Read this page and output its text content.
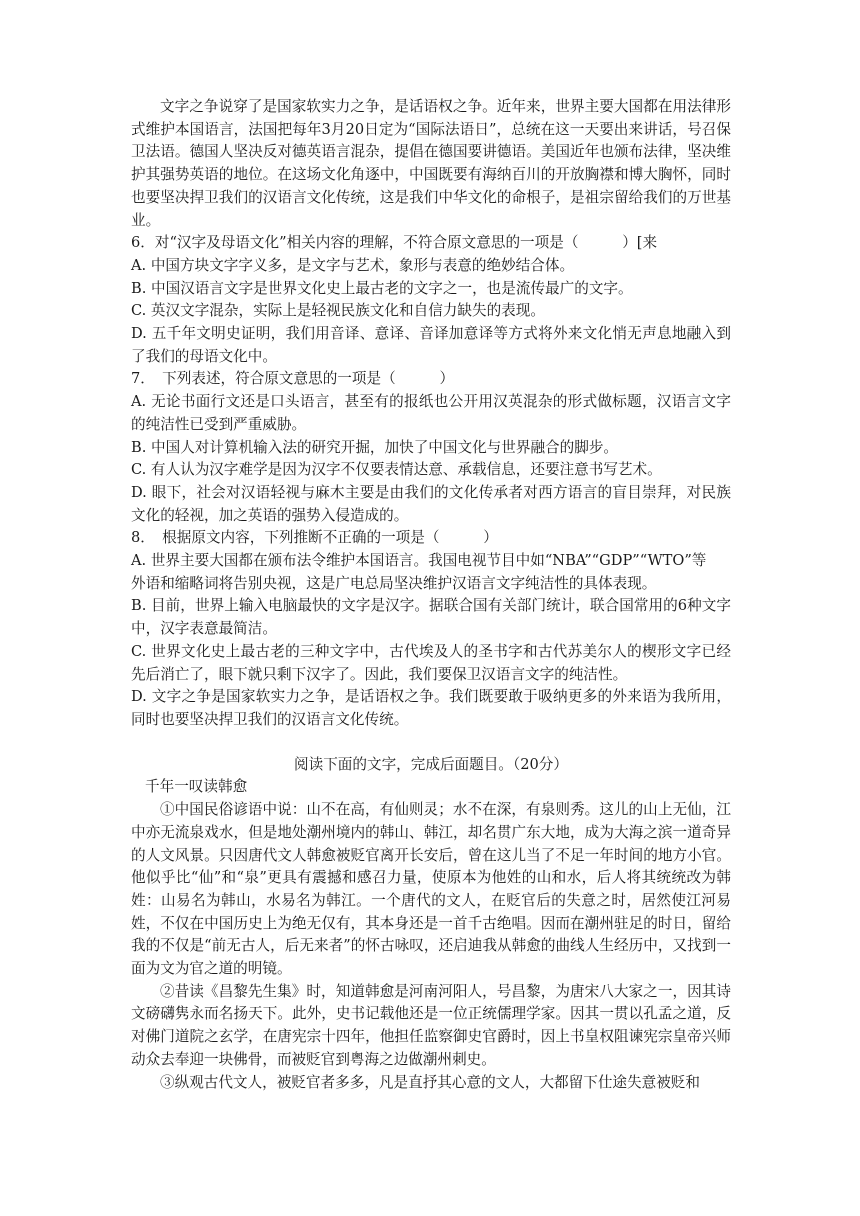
文字之争说穿了是国家软实力之争，是话语权之争。近年来，世界主要大国都在用法律形式维护本国语言，法国把每年3月20日定为“国际法语日”，总统在这一天要出来讲话，号召保卫法语。德国人坚决反对德英语言混杂，提倡在德国要讲德语。美国近年也颁布法律，坚决维护其强势英语的地位。在这场文化角逐中，中国既要有海纳百川的开放胸襟和博大胸怀，同时也要坚决捍卫我们的汉语言文化传统，这是我们中华文化的命根子，是祖宗留给我们的万世基业。

6．对“汉字及母语文化”相关内容的理解，不符合原文意思的一项是（　　　）[来

A. 中国方块文字字义多，是文字与艺术，象形与表意的绝妙结合体。

B. 中国汉语言文字是世界文化史上最古老的文字之一，也是流传最广的文字。

C. 英汉文字混杂，实际上是轻视民族文化和自信力缺失的表现。

D. 五千年文明史证明，我们用音译、意译、音译加意译等方式将外来文化悄无声息地融入到了我们的母语文化中。

7．　下列表述，符合原文意思的一项是（　　　）

A. 无论书面行文还是口头语言，甚至有的报纸也公开用汉英混杂的形式做标题，汉语言文字的纯洁性已受到严重威胁。

B. 中国人对计算机输入法的研究开掘，加快了中国文化与世界融合的脚步。

C. 有人认为汉字难学是因为汉字不仅要表情达意、承载信息，还要注意书写艺术。

D. 眼下，社会对汉语轻视与麻木主要是由我们的文化传承者对西方语言的盲目崇拜，对民族文化的轻视，加之英语的强势入侵造成的。

8．　根据原文内容，下列推断不正确的一项是（　　　）

A. 世界主要大国都在颁布法令维护本国语言。我国电视节目中如“NBA”“GDP”“WTO”等

外语和缩略词将告别央视，这是广电总局坚决维护汉语言文字纯洁性的具体表现。

B. 目前，世界上输入电脑最快的文字是汉字。据联合国有关部门统计，联合国常用的6种文字中，汉字表意最简洁。

C. 世界文化史上最古老的三种文字中，古代埃及人的圣书字和古代苏美尔人的楔形文字已经先后消亡了，眼下就只剩下汉字了。因此，我们要保卫汉语言文字的纯洁性。

D. 文字之争是国家软实力之争，是话语权之争。我们既要敢于吸纳更多的外来语为我所用，同时也要坚决捍卫我们的汉语言文化传统。

阅读下面的文字，完成后面题目。（20分）

千年一叹读韩愈

①中国民俗谚语中说：山不在高，有仙则灵；水不在深，有泉则秀。这儿的山上无仙，江中亦无流泉戏水，但是地处潮州境内的韩山、韩江，却名贯广东大地，成为大海之滨一道奇异的人文风景。只因唐代文人韩愈被贬官离开长安后，曾在这儿当了不足一年时间的地方小官。他似乎比“仙”和“泉”更具有震撼和感召力量，使原本为他姓的山和水，后人将其统统改为韩姓：山易名为韩山，水易名为韩江。一个唐代的文人，在贬官后的失意之时，居然使江河易姓，不仅在中国历史上为绝无仅有，其本身还是一首千古绝唱。因而在潮州驻足的时日，留给我的不仅是“前无古人，后无来者”的怀古咏叹，还启迪我从韩愈的曲线人生经历中，又找到一面为文为官之道的明镜。

②昔读《昌黎先生集》时，知道韩愈是河南河阳人，号昌黎，为唐宋八大家之一，因其诗文磅礴隽永而名扬天下。此外，史书记载他还是一位正统儒理学家。因其一贯以孔孟之道，反对佛门道院之玄学，在唐宪宗十四年，他担任监察御史官爵时，因上书皇权阻谏宪宗皇帝兴师动众去奉迎一块佛骨，而被贬官到粤海之边做潮州刺史。

③纵观古代文人，被贬官者多多，凡是直抒其心意的文人，大都留下仕途失意被贬和
